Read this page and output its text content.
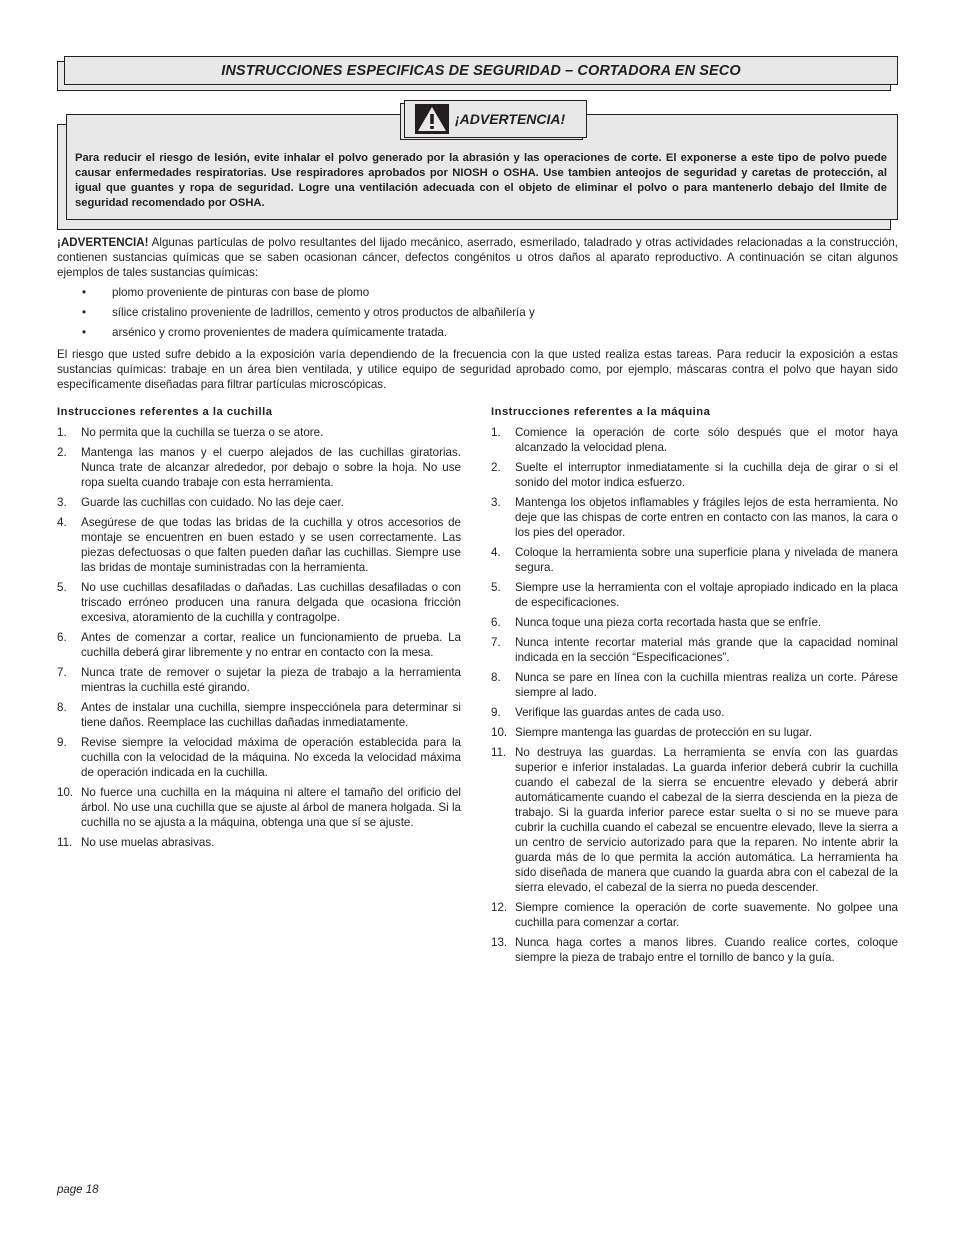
INSTRUCCIONES ESPECIFICAS DE SEGURIDAD – CORTADORA EN SECO
Para reducir el riesgo de lesión, evite inhalar el polvo generado por la abrasión y las operaciones de corte. El exponerse a este tipo de polvo puede causar enfermedades respiratorias. Use respiradores aprobados por NIOSH o OSHA. Use tambien anteojos de seguridad y caretas de protección, al igual que guantes y ropa de seguridad. Logre una ventilación adecuada con el objeto de eliminar el polvo o para mantenerlo debajo del llmite de seguridad recomendado por OSHA.
¡ADVERTENCIA!
¡ADVERTENCIA! Algunas partículas de polvo resultantes del lijado mecánico, aserrado, esmerilado, taladrado y otras actividades relacionadas a la construcción, contienen sustancias químicas que se saben ocasionan cáncer, defectos congénitos u otros daños al aparato reproductivo. A continuación se citan algunos ejemplos de tales sustancias químicas:
• plomo proveniente de pinturas con base de plomo
• sílice cristalino proveniente de ladrillos, cemento y otros productos de albañilería y
• arsénico y cromo provenientes de madera químicamente tratada.
El riesgo que usted sufre debido a la exposición varía dependiendo de la frecuencia con la que usted realiza estas tareas. Para reducir la exposición a estas sustancias químicas: trabaje en un área bien ventilada, y utilice equipo de seguridad aprobado como, por ejemplo, máscaras contra el polvo que hayan sido específicamente diseñadas para filtrar partículas microscópicas.
Instrucciones referentes a la cuchilla
1. No permita que la cuchilla se tuerza o se atore.
2. Mantenga las manos y el cuerpo alejados de las cuchillas giratorias. Nunca trate de alcanzar alrededor, por debajo o sobre la hoja. No use ropa suelta cuando trabaje con esta herramienta.
3. Guarde las cuchillas con cuidado. No las deje caer.
4. Asegúrese de que todas las bridas de la cuchilla y otros accesorios de montaje se encuentren en buen estado y se usen correctamente. Las piezas defectuosas o que falten pueden dañar las cuchillas. Siempre use las bridas de montaje suministradas con la herramienta.
5. No use cuchillas desafiladas o dañadas. Las cuchillas desafiladas o con triscado erróneo producen una ranura delgada que ocasiona fricción excesiva, atoramiento de la cuchilla y contragolpe.
6. Antes de comenzar a cortar, realice un funcionamiento de prueba. La cuchilla deberá girar libremente y no entrar en contacto con la mesa.
7. Nunca trate de remover o sujetar la pieza de trabajo a la herramienta mientras la cuchilla esté girando.
8. Antes de instalar una cuchilla, siempre inspecciónela para determinar si tiene daños. Reemplace las cuchillas dañadas inmediatamente.
9. Revise siempre la velocidad máxima de operación establecida para la cuchilla con la velocidad de la máquina. No exceda la velocidad máxima de operación indicada en la cuchilla.
10. No fuerce una cuchilla en la máquina ni altere el tamaño del orificio del árbol. No use una cuchilla que se ajuste al árbol de manera holgada. Si la cuchilla no se ajusta a la máquina, obtenga una que sí se ajuste.
11. No use muelas abrasivas.
Instrucciones referentes a la máquina
1. Comience la operación de corte sólo después que el motor haya alcanzado la velocidad plena.
2. Suelte el interruptor inmediatamente si la cuchilla deja de girar o si el sonido del motor indica esfuerzo.
3. Mantenga los objetos inflamables y frágiles lejos de esta herramienta. No deje que las chispas de corte entren en contacto con las manos, la cara o los pies del operador.
4. Coloque la herramienta sobre una superficie plana y nivelada de manera segura.
5. Siempre use la herramienta con el voltaje apropiado indicado en la placa de especificaciones.
6. Nunca toque una pieza corta recortada hasta que se enfríe.
7. Nunca intente recortar material más grande que la capacidad nominal indicada en la sección “Especificaciones”.
8. Nunca se pare en línea con la cuchilla mientras realiza un corte. Párese siempre al lado.
9. Verifique las guardas antes de cada uso.
10. Siempre mantenga las guardas de protección en su lugar.
11. No destruya las guardas. La herramienta se envía con las guardas superior e inferior instaladas. La guarda inferior deberá cubrir la cuchilla cuando el cabezal de la sierra se encuentre elevado y deberá abrir automáticamente cuando el cabezal de la sierra descienda en la pieza de trabajo. Si la guarda inferior parece estar suelta o si no se mueve para cubrir la cuchilla cuando el cabezal se encuentre elevado, lleve la sierra a un centro de servicio autorizado para que la reparen. No intente abrir la guarda más de lo que permita la acción automática. La herramienta ha sido diseñada de manera que cuando la guarda abra con el cabezal de la sierra elevado, el cabezal de la sierra no pueda descender.
12. Siempre comience la operación de corte suavemente. No golpee una cuchilla para comenzar a cortar.
13. Nunca haga cortes a manos libres. Cuando realice cortes, coloque siempre la pieza de trabajo entre el tornillo de banco y la guía.
page 18
